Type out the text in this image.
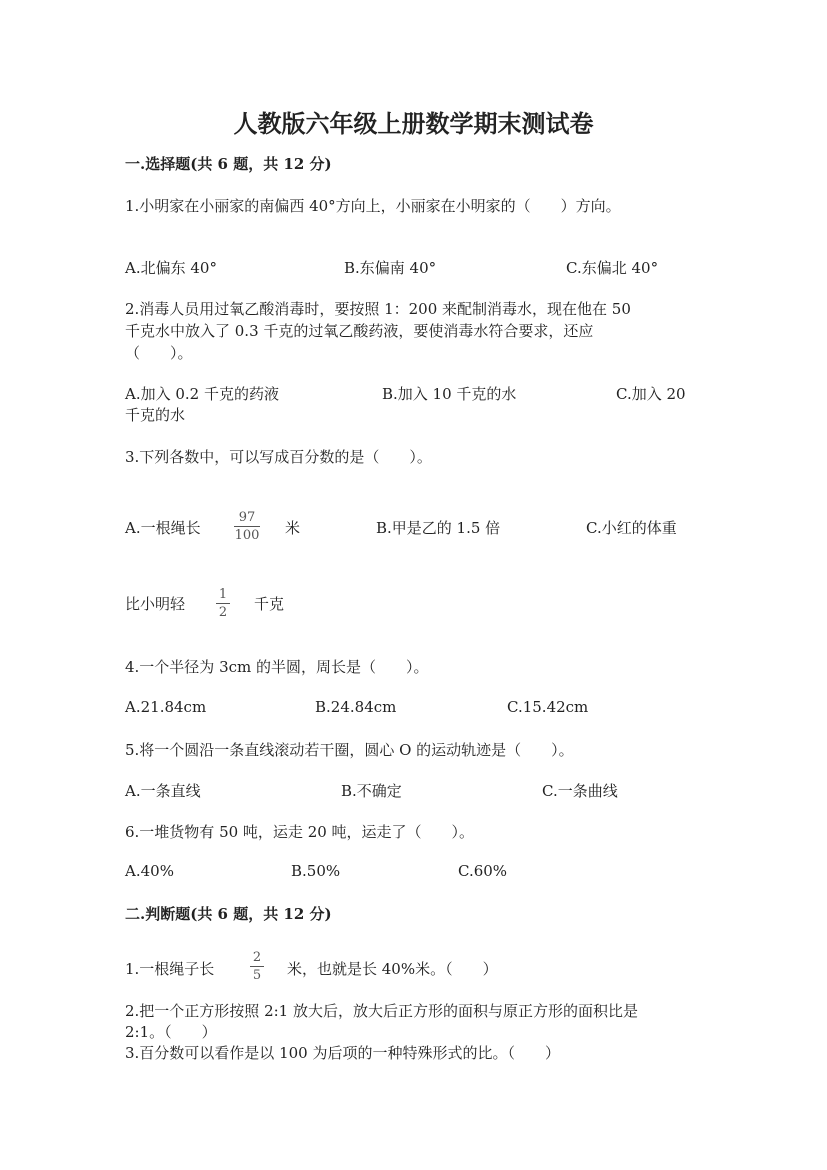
人教版六年级上册数学期末测试卷
一.选择题(共 6 题，共 12 分)
1.小明家在小丽家的南偏西 40°方向上，小丽家在小明家的（　　）方向。
A.北偏东 40°	B.东偏南 40°	C.东偏北 40°
2.消毒人员用过氧乙酸消毒时，要按照 1：200 来配制消毒水，现在他在 50
千克水中放入了 0.3 千克的过氧乙酸药液，要使消毒水符合要求，还应
（　　）。
A.加入 0.2 千克的药液	B.加入 10 千克的水	C.加入 20
千克的水
3.下列各数中，可以写成百分数的是（　　）。
A.一根绳长
97
100 米	B.甲是乙的 1.5 倍	C.小红的体重
比小明轻
1
2 千克
4.一个半径为 3cm 的半圆，周长是（　　）。
A.21.84cm	B.24.84cm	C.15.42cm
5.将一个圆沿一条直线滚动若干圈，圆心 O 的运动轨迹是（　　）。
A.一条直线	B.不确定	C.一条曲线
6.一堆货物有 50 吨，运走 20 吨，运走了（　　）。
A.40%	B.50%	C.60%
二.判断题(共 6 题，共 12 分)
1.一根绳子长
2
5 米，也就是长 40%米。（　　）
2.把一个正方形按照 2:1 放大后，放大后正方形的面积与原正方形的面积比是
2:1。（　　）
3.百分数可以看作是以 100 为后项的一种特殊形式的比。（　　）
